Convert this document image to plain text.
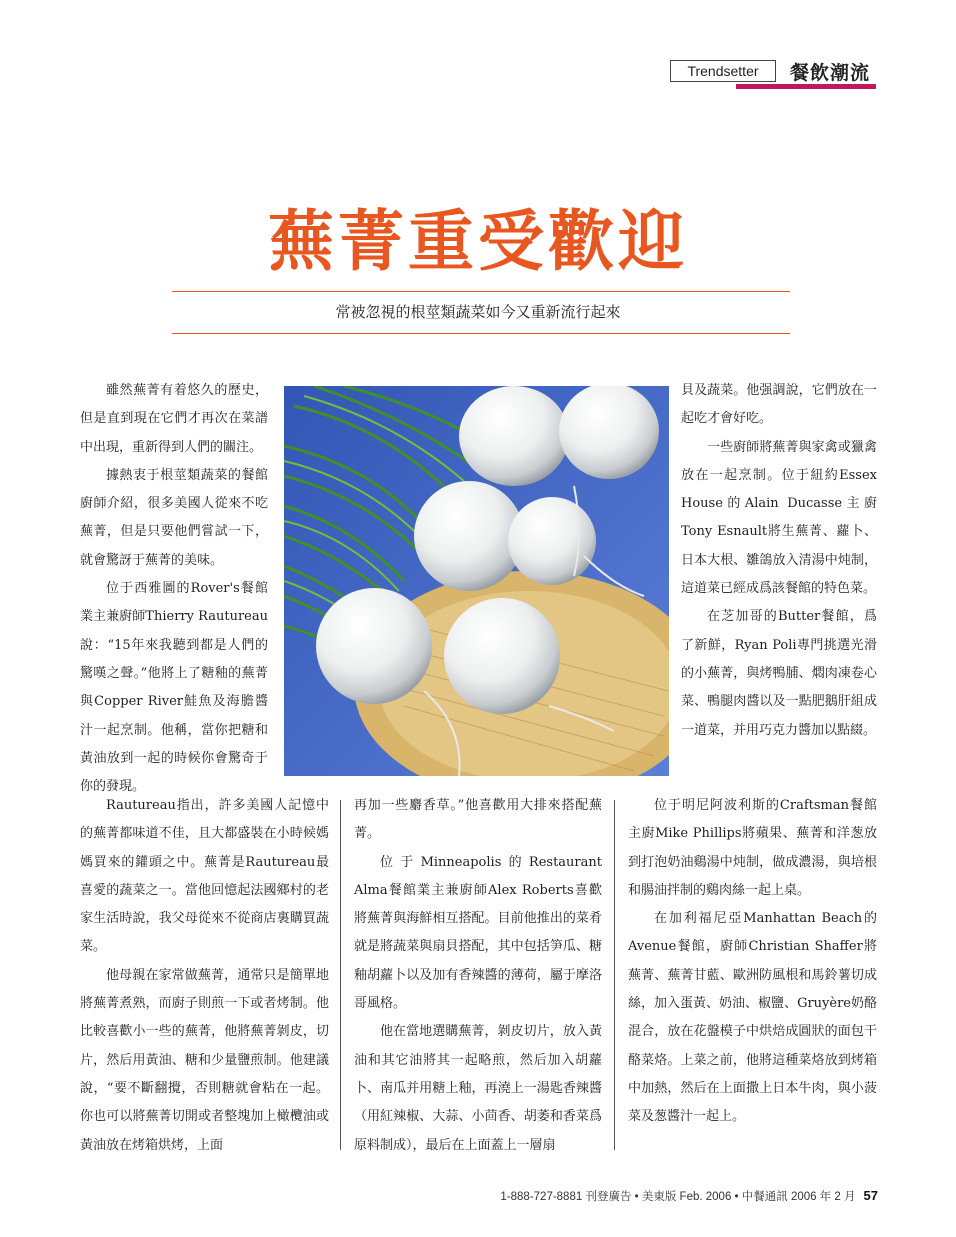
Trendsetter	餐飲潮流
蕪菁重受歡迎
常被忽視的根莖類蔬菜如今又重新流行起來

雖然蕪菁有着悠久的歷史，但是直到現在它們才再次在菜譜中出現，重新得到人們的關注。

據熱衷于根莖類蔬菜的餐館廚師介紹，很多美國人從來不吃蕪菁，但是只要他們嘗試一下，就會驚訝于蕪菁的美味。

位于西雅圖的Rover's餐館業主兼廚師Thierry Rautureau說：“15年來我聽到都是人們的驚嘆之聲。”他將上了糖釉的蕪菁與Copper River鮭魚及海膽醬汁一起烹制。他稱，當你把糖和黃油放到一起的時候你會驚奇于你的發現。

貝及蔬菜。他强調說，它們放在一起吃才會好吃。

一些廚師將蕪菁與家禽或獵禽放在一起烹制。位于紐約Essex House的Alain Ducasse主廚Tony Esnault將生蕪菁、蘿卜、日本大根、雛鴿放入清湯中炖制，這道菜已經成爲該餐館的特色菜。

在芝加哥的Butter餐館，爲了新鮮，Ryan Poli專門挑選光滑的小蕪菁，與烤鴨脯、燜肉凍卷心菜、鴨腿肉醬以及一點肥鵝肝組成一道菜，并用巧克力醬加以點綴。

Rautureau指出，許多美國人記憶中的蕪菁都味道不佳，且大都盛裝在小時候媽媽買來的鑵頭之中。蕪菁是Rautureau最喜愛的蔬菜之一。當他回憶起法國鄉村的老家生活時說，我父母從來不從商店裏購買蔬菜。

他母親在家常做蕪菁，通常只是簡單地將蕪菁煮熟，而廚子則煎一下或者烤制。他比較喜歡小一些的蕪菁，他將蕪菁剝皮，切片，然后用黃油、糖和少量鹽煎制。他建議說，“要不斷翻攪，否則糖就會粘在一起。你也可以將蕪菁切開或者整塊加上橄欖油或黃油放在烤箱烘烤，上面

再加一些麝香草。”他喜歡用大排來搭配蕪菁。

位于Minneapolis的Restaurant Alma餐館業主兼廚師Alex Roberts喜歡將蕪菁與海鮮相互搭配。目前他推出的菜肴就是將蔬菜與扇貝搭配，其中包括笋瓜、糖釉胡蘿卜以及加有香辣醬的薄荷，屬于摩洛哥風格。

他在當地選購蕪菁，剝皮切片，放入黃油和其它油將其一起略煎，然后加入胡蘿卜、南瓜并用糖上釉，再澆上一湯匙香辣醬（用紅辣椒、大蒜、小茴香、胡萎和香菜爲原料制成），最后在上面蓋上一層扇

位于明尼阿波利斯的Craftsman餐館主廚Mike Phillips將蘋果、蕪菁和洋葱放到打泡奶油鷄湯中炖制，做成濃湯，與培根和腸油拌制的鷄肉絲一起上桌。

在加利福尼亞Manhattan Beach的Avenue餐館，廚師Christian Shaffer將蕪菁、蕪菁甘藍、歐洲防風根和馬鈴薯切成絲，加入蛋黃、奶油、椒鹽、Gruyère奶酪混合，放在花盤模子中烘焙成圓狀的面包干酪菜烙。上菜之前，他將這種菜烙放到烤箱中加熱，然后在上面撒上日本牛肉，與小菠菜及葱醬汁一起上。

1-888-727-8881 刊登廣告 • 美東版 Feb. 2006 • 中餐通訊 2006 年 2 月 57
